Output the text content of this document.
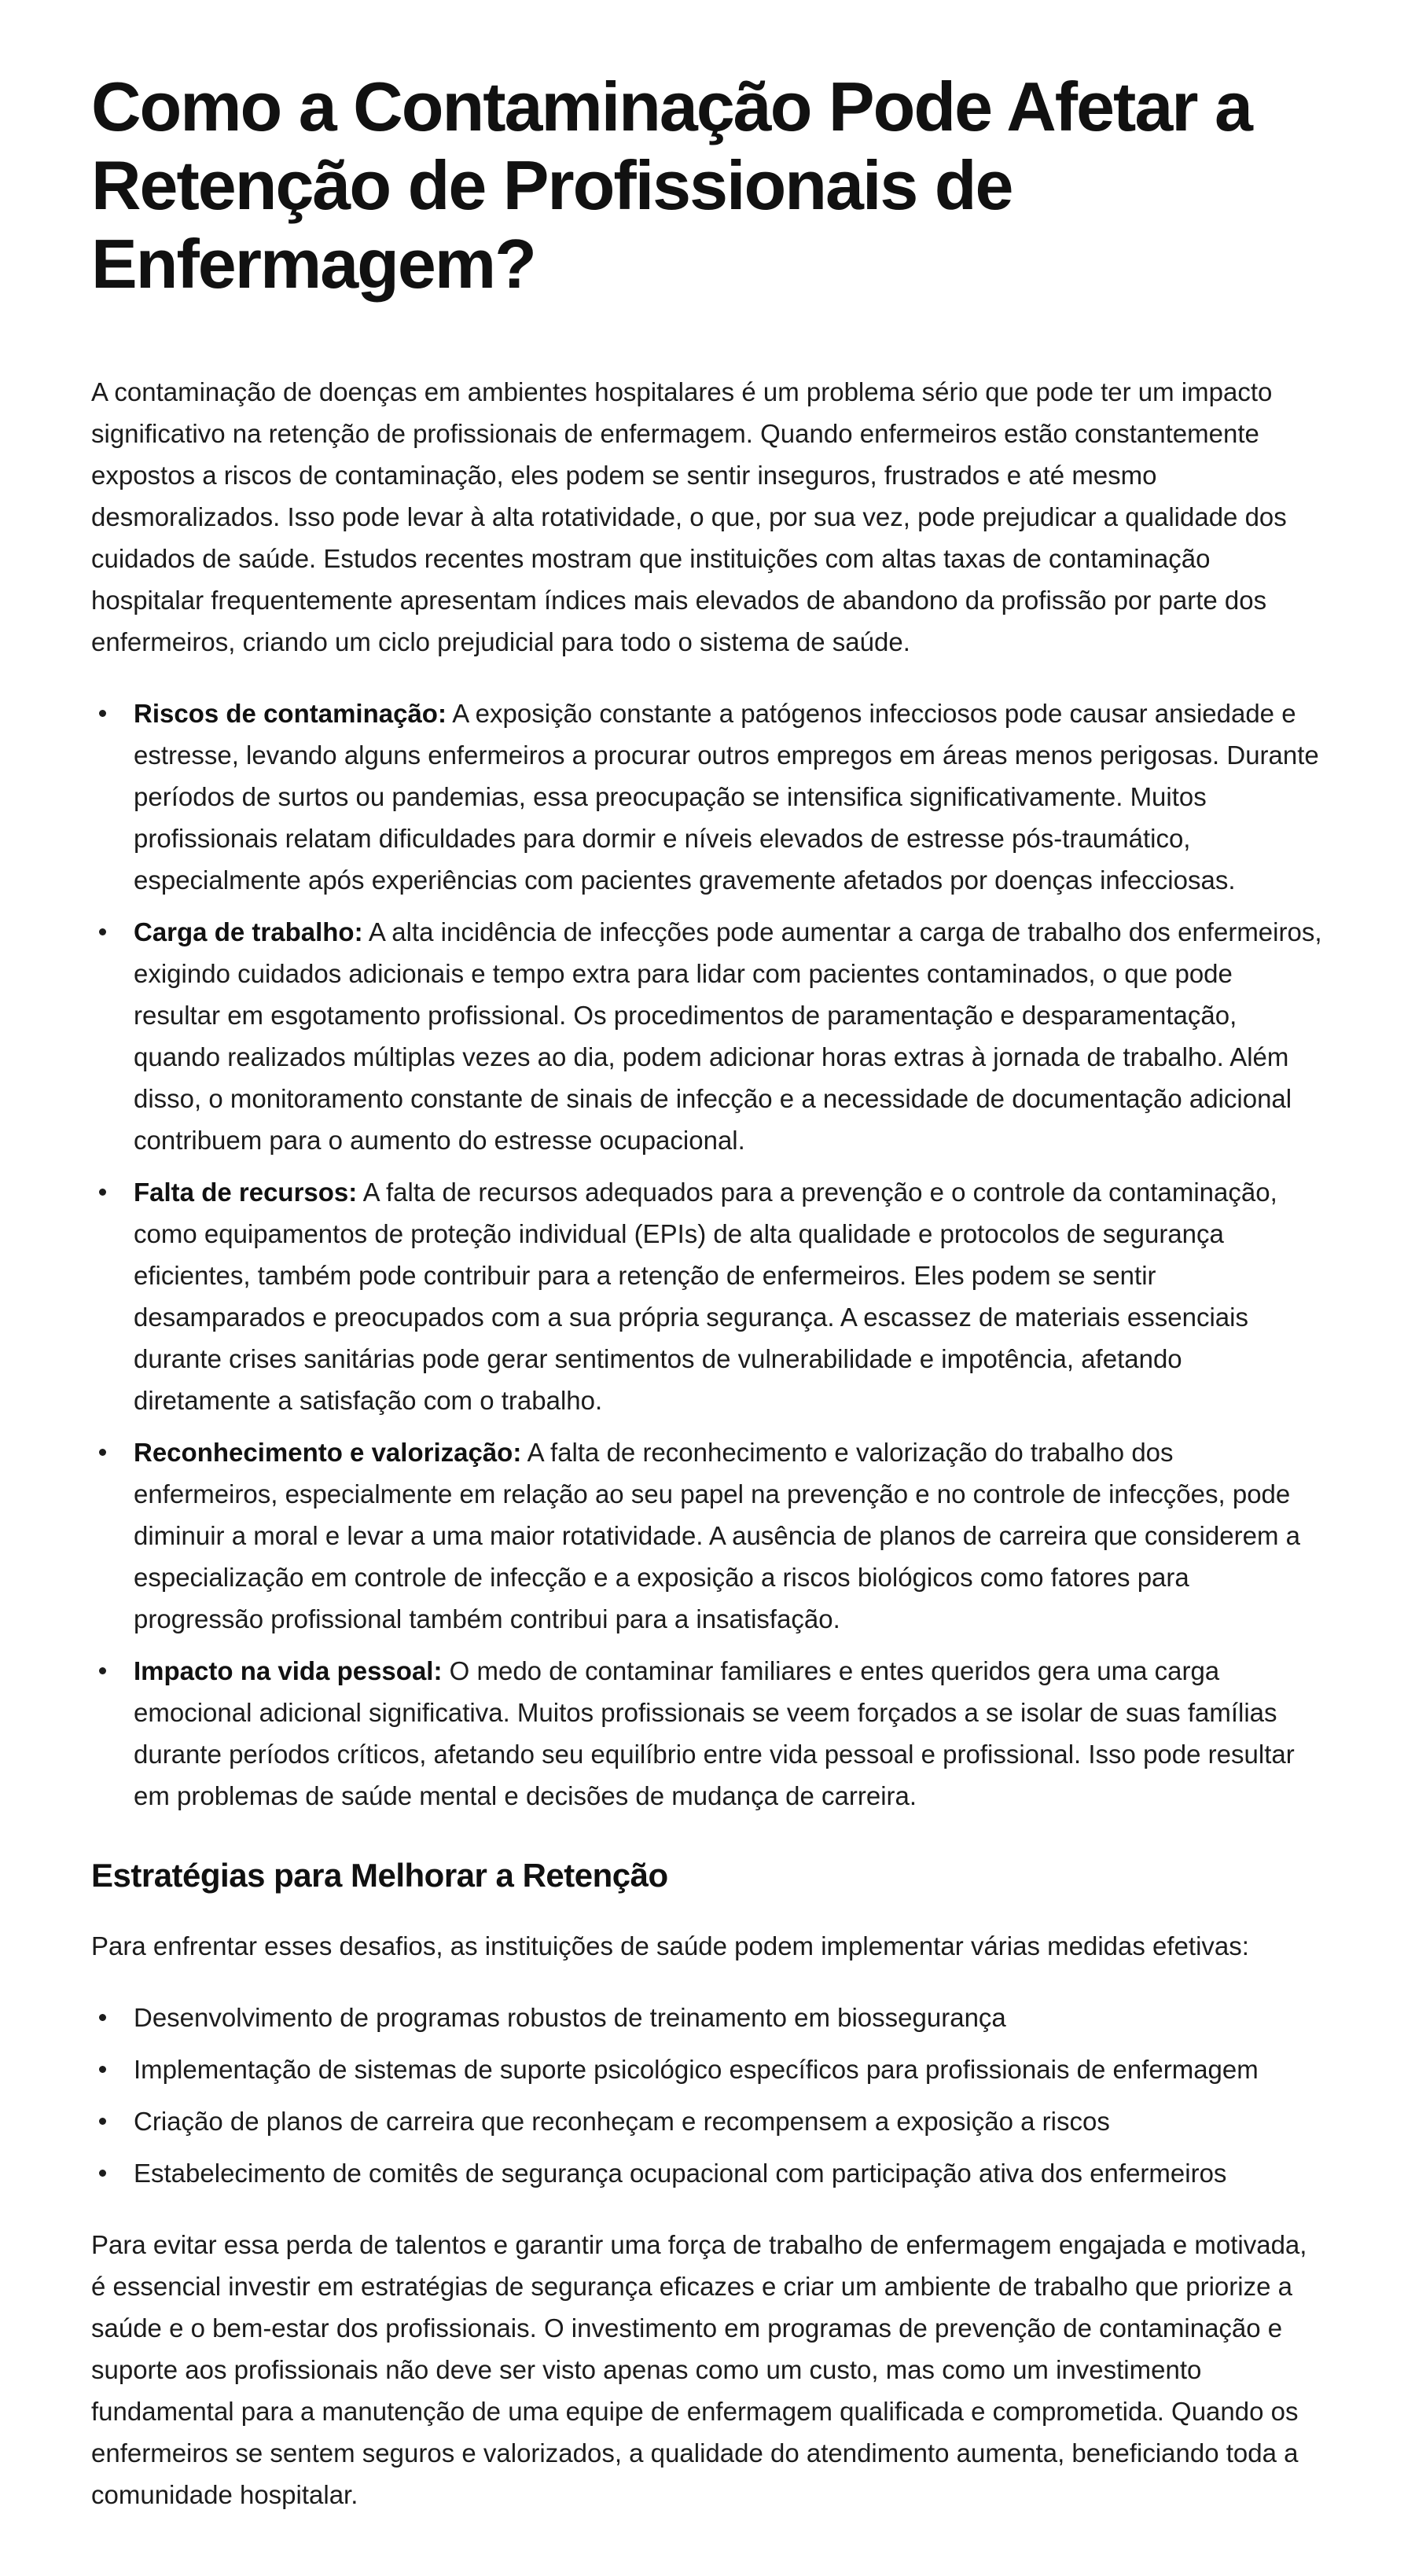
Como a Contaminação Pode Afetar a Retenção de Profissionais de Enfermagem?

A contaminação de doenças em ambientes hospitalares é um problema sério que pode ter um impacto significativo na retenção de profissionais de enfermagem. Quando enfermeiros estão constantemente expostos a riscos de contaminação, eles podem se sentir inseguros, frustrados e até mesmo desmoralizados. Isso pode levar à alta rotatividade, o que, por sua vez, pode prejudicar a qualidade dos cuidados de saúde. Estudos recentes mostram que instituições com altas taxas de contaminação hospitalar frequentemente apresentam índices mais elevados de abandono da profissão por parte dos enfermeiros, criando um ciclo prejudicial para todo o sistema de saúde.

Riscos de contaminação: A exposição constante a patógenos infecciosos pode causar ansiedade e estresse, levando alguns enfermeiros a procurar outros empregos em áreas menos perigosas. Durante períodos de surtos ou pandemias, essa preocupação se intensifica significativamente. Muitos profissionais relatam dificuldades para dormir e níveis elevados de estresse pós-traumático, especialmente após experiências com pacientes gravemente afetados por doenças infecciosas.
Carga de trabalho: A alta incidência de infecções pode aumentar a carga de trabalho dos enfermeiros, exigindo cuidados adicionais e tempo extra para lidar com pacientes contaminados, o que pode resultar em esgotamento profissional. Os procedimentos de paramentação e desparamentação, quando realizados múltiplas vezes ao dia, podem adicionar horas extras à jornada de trabalho. Além disso, o monitoramento constante de sinais de infecção e a necessidade de documentação adicional contribuem para o aumento do estresse ocupacional.
Falta de recursos: A falta de recursos adequados para a prevenção e o controle da contaminação, como equipamentos de proteção individual (EPIs) de alta qualidade e protocolos de segurança eficientes, também pode contribuir para a retenção de enfermeiros. Eles podem se sentir desamparados e preocupados com a sua própria segurança. A escassez de materiais essenciais durante crises sanitárias pode gerar sentimentos de vulnerabilidade e impotência, afetando diretamente a satisfação com o trabalho.
Reconhecimento e valorização: A falta de reconhecimento e valorização do trabalho dos enfermeiros, especialmente em relação ao seu papel na prevenção e no controle de infecções, pode diminuir a moral e levar a uma maior rotatividade. A ausência de planos de carreira que considerem a especialização em controle de infecção e a exposição a riscos biológicos como fatores para progressão profissional também contribui para a insatisfação.
Impacto na vida pessoal: O medo de contaminar familiares e entes queridos gera uma carga emocional adicional significativa. Muitos profissionais se veem forçados a se isolar de suas famílias durante períodos críticos, afetando seu equilíbrio entre vida pessoal e profissional. Isso pode resultar em problemas de saúde mental e decisões de mudança de carreira.
Estratégias para Melhorar a Retenção

Para enfrentar esses desafios, as instituições de saúde podem implementar várias medidas efetivas:

Desenvolvimento de programas robustos de treinamento em biossegurança
Implementação de sistemas de suporte psicológico específicos para profissionais de enfermagem
Criação de planos de carreira que reconheçam e recompensem a exposição a riscos
Estabelecimento de comitês de segurança ocupacional com participação ativa dos enfermeiros

Para evitar essa perda de talentos e garantir uma força de trabalho de enfermagem engajada e motivada, é essencial investir em estratégias de segurança eficazes e criar um ambiente de trabalho que priorize a saúde e o bem-estar dos profissionais. O investimento em programas de prevenção de contaminação e suporte aos profissionais não deve ser visto apenas como um custo, mas como um investimento fundamental para a manutenção de uma equipe de enfermagem qualificada e comprometida. Quando os enfermeiros se sentem seguros e valorizados, a qualidade do atendimento aumenta, beneficiando toda a comunidade hospitalar.
